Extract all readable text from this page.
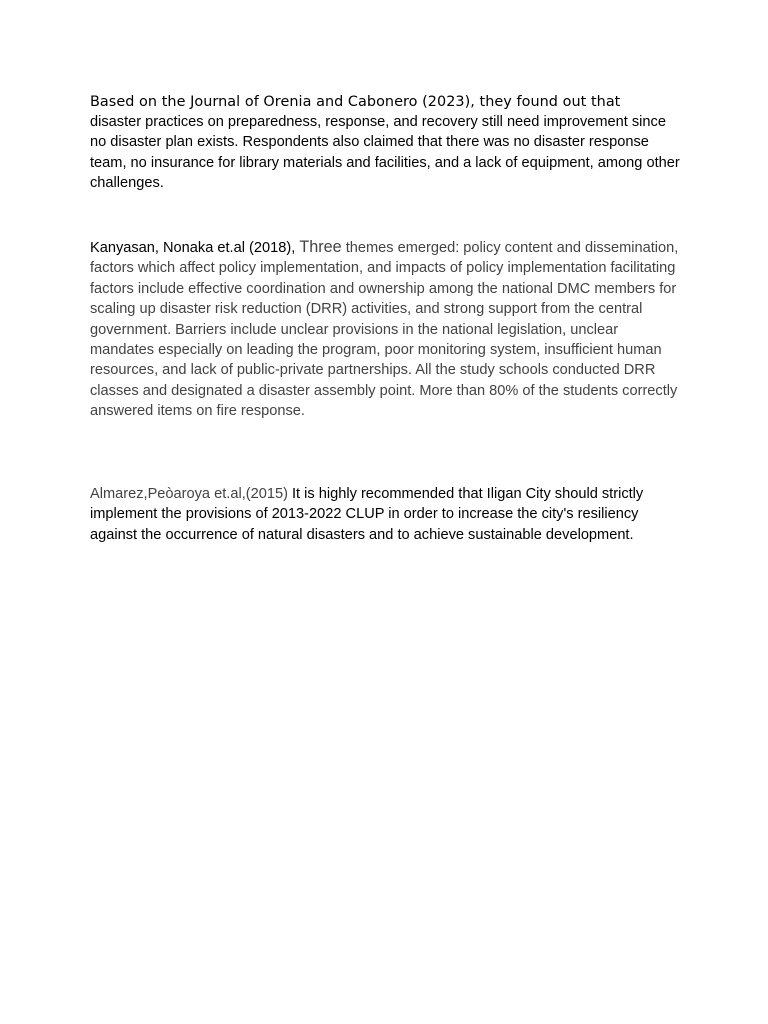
Based on the Journal of Orenia and Cabonero (2023), they found out that
disaster practices on preparedness, response, and recovery still need improvement since no disaster plan exists. Respondents also claimed that there was no disaster response team, no insurance for library materials and facilities, and a lack of equipment, among other challenges.

Kanyasan, Nonaka et.al (2018), Three themes emerged: policy content and dissemination, factors which affect policy implementation, and impacts of policy implementation facilitating factors include effective coordination and ownership among the national DMC members for scaling up disaster risk reduction (DRR) activities, and strong support from the central government. Barriers include unclear provisions in the national legislation, unclear mandates especially on leading the program, poor monitoring system, insufficient human resources, and lack of public-private partnerships. All the study schools conducted DRR classes and designated a disaster assembly point. More than 80% of the students correctly answered items on fire response.

Almarez,Peòaroya et.al,(2015) It is highly recommended that Iligan City should strictly implement the provisions of 2013-2022 CLUP in order to increase the city's resiliency against the occurrence of natural disasters and to achieve sustainable development.
